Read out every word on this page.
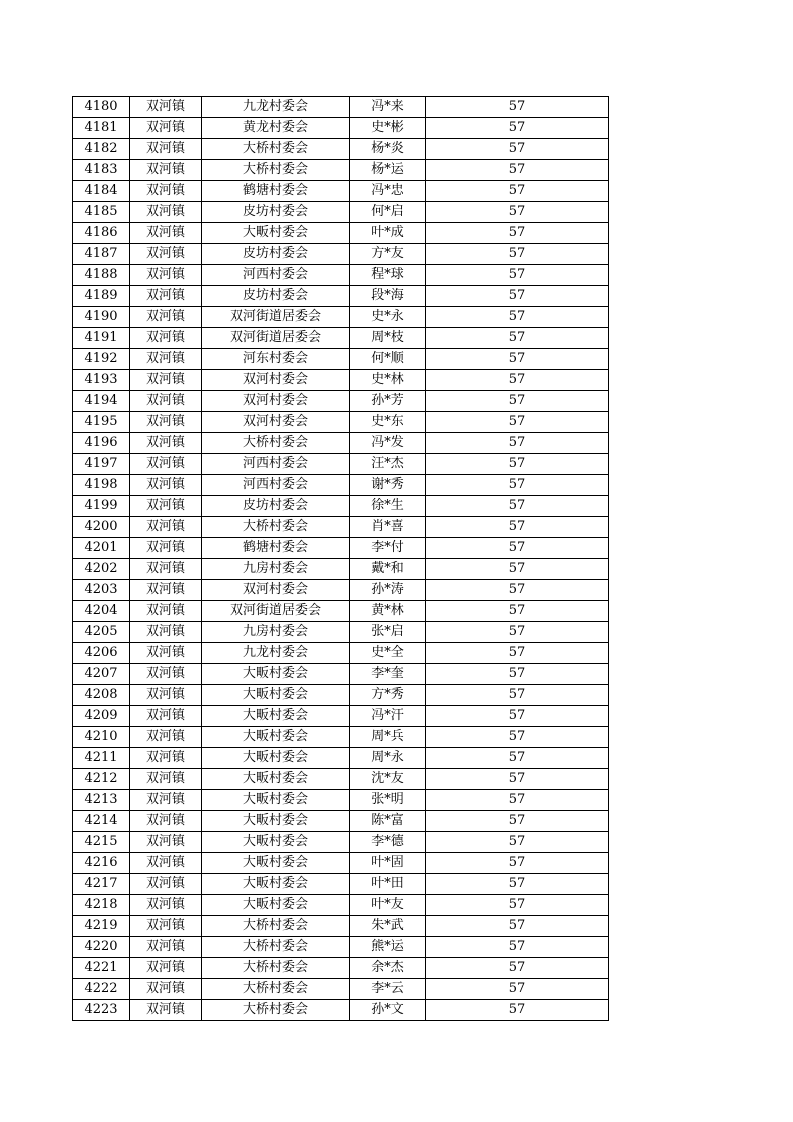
4180	双河镇	九龙村委会	冯*来	57
4181	双河镇	黄龙村委会	史*彬	57
4182	双河镇	大桥村委会	杨*炎	57
4183	双河镇	大桥村委会	杨*运	57
4184	双河镇	鹤塘村委会	冯*忠	57
4185	双河镇	皮坊村委会	何*启	57
4186	双河镇	大畈村委会	叶*成	57
4187	双河镇	皮坊村委会	方*友	57
4188	双河镇	河西村委会	程*球	57
4189	双河镇	皮坊村委会	段*海	57
4190	双河镇	双河街道居委会	史*永	57
4191	双河镇	双河街道居委会	周*枝	57
4192	双河镇	河东村委会	何*顺	57
4193	双河镇	双河村委会	史*林	57
4194	双河镇	双河村委会	孙*芳	57
4195	双河镇	双河村委会	史*东	57
4196	双河镇	大桥村委会	冯*发	57
4197	双河镇	河西村委会	汪*杰	57
4198	双河镇	河西村委会	谢*秀	57
4199	双河镇	皮坊村委会	徐*生	57
4200	双河镇	大桥村委会	肖*喜	57
4201	双河镇	鹤塘村委会	李*付	57
4202	双河镇	九房村委会	戴*和	57
4203	双河镇	双河村委会	孙*涛	57
4204	双河镇	双河街道居委会	黄*林	57
4205	双河镇	九房村委会	张*启	57
4206	双河镇	九龙村委会	史*全	57
4207	双河镇	大畈村委会	李*奎	57
4208	双河镇	大畈村委会	方*秀	57
4209	双河镇	大畈村委会	冯*汗	57
4210	双河镇	大畈村委会	周*兵	57
4211	双河镇	大畈村委会	周*永	57
4212	双河镇	大畈村委会	沈*友	57
4213	双河镇	大畈村委会	张*明	57
4214	双河镇	大畈村委会	陈*富	57
4215	双河镇	大畈村委会	李*德	57
4216	双河镇	大畈村委会	叶*固	57
4217	双河镇	大畈村委会	叶*田	57
4218	双河镇	大畈村委会	叶*友	57
4219	双河镇	大桥村委会	朱*武	57
4220	双河镇	大桥村委会	熊*运	57
4221	双河镇	大桥村委会	余*杰	57
4222	双河镇	大桥村委会	李*云	57
4223	双河镇	大桥村委会	孙*文	57
